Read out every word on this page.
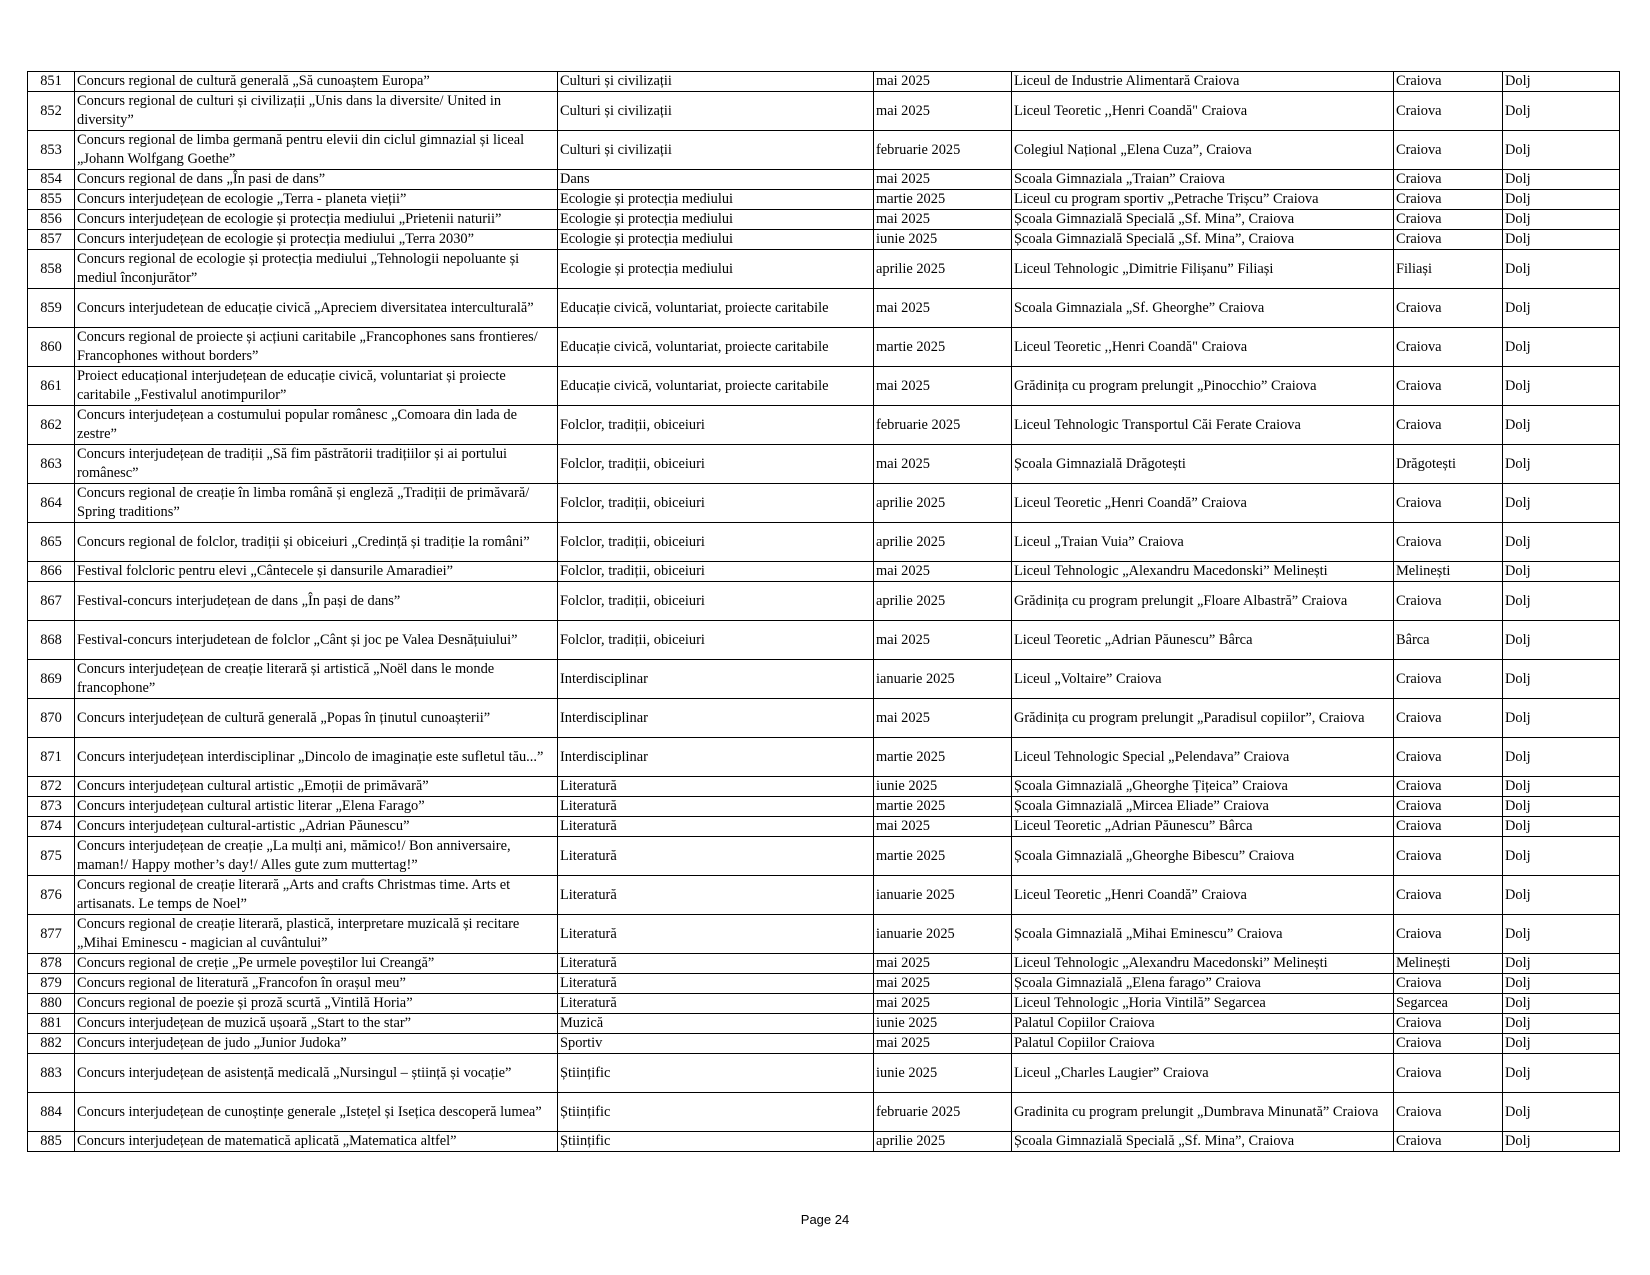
851	Concurs regional de cultură generală „Să cunoaștem Europa”	Culturi și civilizații	mai 2025	Liceul de Industrie Alimentară Craiova	Craiova	Dolj
852	Concurs regional de culturi și civilizații „Unis dans la diversite/ United in diversity”	Culturi și civilizații	mai 2025	Liceul Teoretic ,,Henri Coandă" Craiova	Craiova	Dolj
853	Concurs regional de limba germană pentru elevii din ciclul gimnazial și liceal „Johann Wolfgang Goethe”	Culturi și civilizații	februarie 2025	Colegiul Național „Elena Cuza”, Craiova	Craiova	Dolj
854	Concurs regional de dans „În pasi de dans”	Dans	mai 2025	Scoala Gimnaziala „Traian” Craiova	Craiova	Dolj
855	Concurs interjudețean de ecologie „Terra - planeta vieții”	Ecologie și protecția mediului	martie 2025	Liceul cu program sportiv „Petrache Trișcu” Craiova	Craiova	Dolj
856	Concurs interjudețean de ecologie și protecția mediului „Prietenii naturii”	Ecologie și protecția mediului	mai 2025	Școala Gimnazială Specială „Sf. Mina”, Craiova	Craiova	Dolj
857	Concurs interjudețean de ecologie și protecția mediului „Terra 2030”	Ecologie și protecția mediului	iunie 2025	Școala Gimnazială Specială „Sf. Mina”, Craiova	Craiova	Dolj
858	Concurs regional de ecologie și protecția mediului „Tehnologii nepoluante și mediul înconjurător”	Ecologie și protecția mediului	aprilie 2025	Liceul Tehnologic „Dimitrie Filișanu” Filiași	Filiași	Dolj
859	Concurs interjudetean de educație civică „Apreciem diversitatea interculturală”	Educație civică, voluntariat, proiecte caritabile	mai 2025	Scoala Gimnaziala „Sf. Gheorghe” Craiova	Craiova	Dolj
860	Concurs regional de proiecte și acțiuni caritabile „Francophones sans frontieres/ Francophones without borders”	Educație civică, voluntariat, proiecte caritabile	martie 2025	Liceul Teoretic ,,Henri Coandă" Craiova	Craiova	Dolj
861	Proiect educațional interjudețean de educație civică, voluntariat și proiecte caritabile „Festivalul anotimpurilor”	Educație civică, voluntariat, proiecte caritabile	mai 2025	Grădinița cu program prelungit „Pinocchio” Craiova	Craiova	Dolj
862	Concurs interjudețean a costumului popular românesc „Comoara din lada de zestre”	Folclor, tradiții, obiceiuri	februarie 2025	Liceul Tehnologic Transportul Căi Ferate Craiova	Craiova	Dolj
863	Concurs interjudețean de tradiții „Să fim păstrătorii tradițiilor și ai portului românesc”	Folclor, tradiții, obiceiuri	mai 2025	Școala Gimnazială Drăgotești	Drăgotești	Dolj
864	Concurs regional de creație în limba română și engleză „Tradiții de primăvară/ Spring traditions”	Folclor, tradiții, obiceiuri	aprilie 2025	Liceul Teoretic „Henri Coandă” Craiova	Craiova	Dolj
865	Concurs regional de folclor, tradiții și obiceiuri „Credință și tradiție la români”	Folclor, tradiții, obiceiuri	aprilie 2025	Liceul „Traian Vuia” Craiova	Craiova	Dolj
866	Festival folcloric pentru elevi „Cântecele și dansurile Amaradiei”	Folclor, tradiții, obiceiuri	mai 2025	Liceul Tehnologic „Alexandru Macedonski” Melinești	Melinești	Dolj
867	Festival-concurs interjudețean de dans „În pași de dans”	Folclor, tradiții, obiceiuri	aprilie 2025	Grădinița cu program prelungit „Floare Albastră” Craiova	Craiova	Dolj
868	Festival-concurs interjudetean de folclor „Cânt și joc pe Valea Desnățuiului”	Folclor, tradiții, obiceiuri	mai 2025	Liceul Teoretic „Adrian Păunescu” Bârca	Bârca	Dolj
869	Concurs interjudețean de creație literară și artistică „Noël dans le monde francophone”	Interdisciplinar	ianuarie 2025	Liceul „Voltaire” Craiova	Craiova	Dolj
870	Concurs interjudețean de cultură generală „Popas în ținutul cunoașterii”	Interdisciplinar	mai 2025	Grădinița cu program prelungit „Paradisul copiilor”, Craiova	Craiova	Dolj
871	Concurs interjudețean interdisciplinar „Dincolo de imaginație este sufletul tău...”	Interdisciplinar	martie 2025	Liceul Tehnologic Special „Pelendava” Craiova	Craiova	Dolj
872	Concurs interjudețean cultural artistic „Emoții de primăvară”	Literatură	iunie 2025	Școala Gimnazială „Gheorghe Țițeica” Craiova	Craiova	Dolj
873	Concurs interjudețean cultural artistic literar „Elena Farago”	Literatură	martie 2025	Școala Gimnazială „Mircea Eliade” Craiova	Craiova	Dolj
874	Concurs interjudețean cultural-artistic „Adrian Păunescu”	Literatură	mai 2025	Liceul Teoretic „Adrian Păunescu” Bârca	Craiova	Dolj
875	Concurs interjudețean de creație „La mulți ani, mămico!/ Bon anniversaire, maman!/ Happy mother’s day!/ Alles gute zum muttertag!”	Literatură	martie 2025	Școala Gimnazială „Gheorghe Bibescu” Craiova	Craiova	Dolj
876	Concurs regional de creație literară „Arts and crafts Christmas time. Arts et artisanats. Le temps de Noel”	Literatură	ianuarie 2025	Liceul Teoretic „Henri Coandă” Craiova	Craiova	Dolj
877	Concurs regional de creație literară, plastică, interpretare muzicală și recitare „Mihai Eminescu - magician al cuvântului”	Literatură	ianuarie 2025	Școala Gimnazială „Mihai Eminescu” Craiova	Craiova	Dolj
878	Concurs regional de creție „Pe urmele poveștilor lui Creangă”	Literatură	mai 2025	Liceul Tehnologic „Alexandru Macedonski” Melinești	Melinești	Dolj
879	Concurs regional de literatură „Francofon în orașul meu”	Literatură	mai 2025	Școala Gimnazială „Elena farago” Craiova	Craiova	Dolj
880	Concurs regional de poezie și proză scurtă „Vintilă Horia”	Literatură	mai 2025	Liceul Tehnologic „Horia Vintilă” Segarcea	Segarcea	Dolj
881	Concurs interjudețean de muzică ușoară „Start to the star”	Muzică	iunie 2025	Palatul Copiilor Craiova	Craiova	Dolj
882	Concurs interjudețean de judo „Junior Judoka”	Sportiv	mai 2025	Palatul Copiilor Craiova	Craiova	Dolj
883	Concurs interjudețean de asistență medicală „Nursingul – știință și vocație”	Științific	iunie 2025	Liceul „Charles Laugier” Craiova	Craiova	Dolj
884	Concurs interjudețean de cunoștințe generale „Istețel și Isețica descoperă lumea”	Științific	februarie 2025	Gradinita cu program prelungit „Dumbrava Minunată” Craiova	Craiova	Dolj
885	Concurs interjudețean de matematică aplicată „Matematica altfel”	Științific	aprilie 2025	Școala Gimnazială Specială „Sf. Mina”, Craiova	Craiova	Dolj
Page 24
